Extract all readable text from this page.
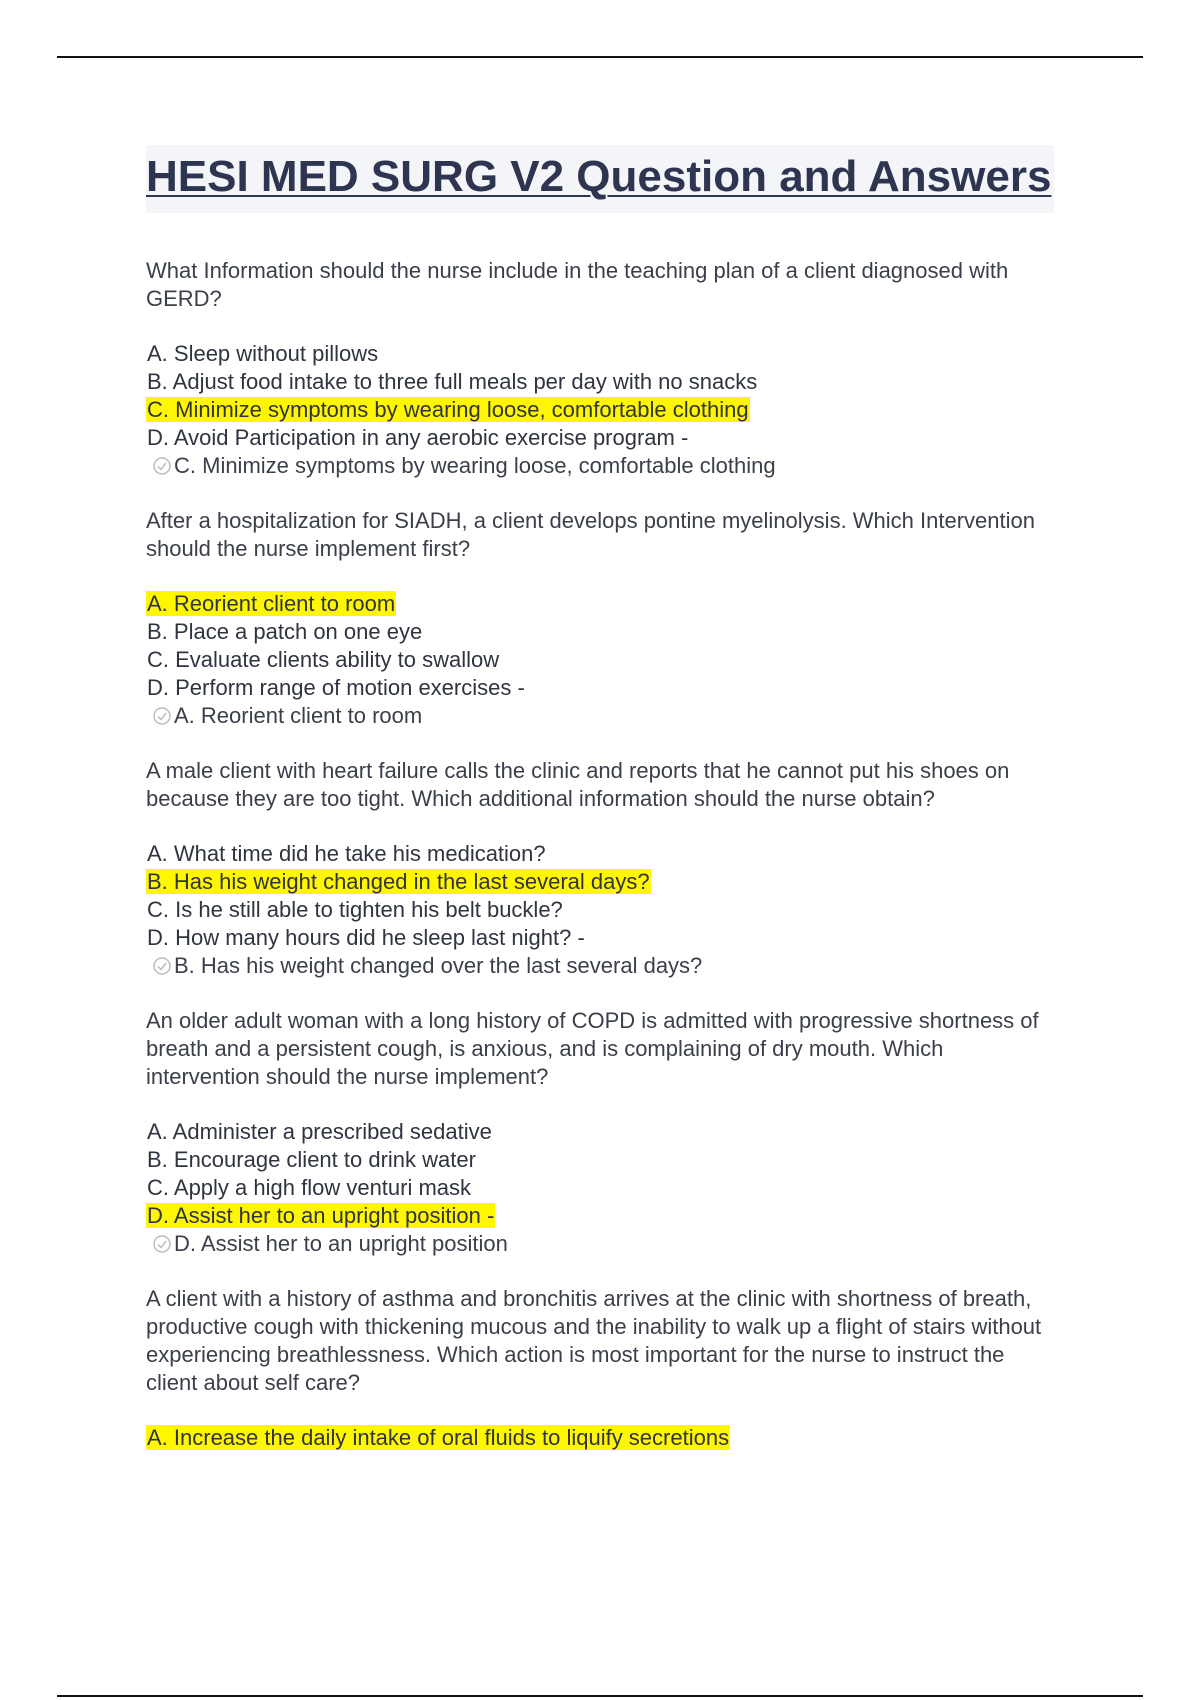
HESI MED SURG V2 Question and Answers

What Information should the nurse include in the teaching plan of a client diagnosed with GERD?

A. Sleep without pillows
B. Adjust food intake to three full meals per day with no snacks
C. Minimize symptoms by wearing loose, comfortable clothing
D. Avoid Participation in any aerobic exercise program -

C. Minimize symptoms by wearing loose, comfortable clothing

After a hospitalization for SIADH, a client develops pontine myelinolysis. Which Intervention should the nurse implement first?

A. Reorient client to room
B. Place a patch on one eye
C. Evaluate clients ability to swallow
D. Perform range of motion exercises -

A. Reorient client to room

A male client with heart failure calls the clinic and reports that he cannot put his shoes on because they are too tight. Which additional information should the nurse obtain?

A. What time did he take his medication?
B. Has his weight changed in the last several days?
C. Is he still able to tighten his belt buckle?
D. How many hours did he sleep last night? -

B. Has his weight changed over the last several days?

An older adult woman with a long history of COPD is admitted with progressive shortness of breath and a persistent cough, is anxious, and is complaining of dry mouth. Which intervention should the nurse implement?

A. Administer a prescribed sedative
B. Encourage client to drink water
C. Apply a high flow venturi mask
D. Assist her to an upright position -

D. Assist her to an upright position

A client with a history of asthma and bronchitis arrives at the clinic with shortness of breath, productive cough with thickening mucous and the inability to walk up a flight of stairs without experiencing breathlessness. Which action is most important for the nurse to instruct the client about self care?

A. Increase the daily intake of oral fluids to liquify secretions
